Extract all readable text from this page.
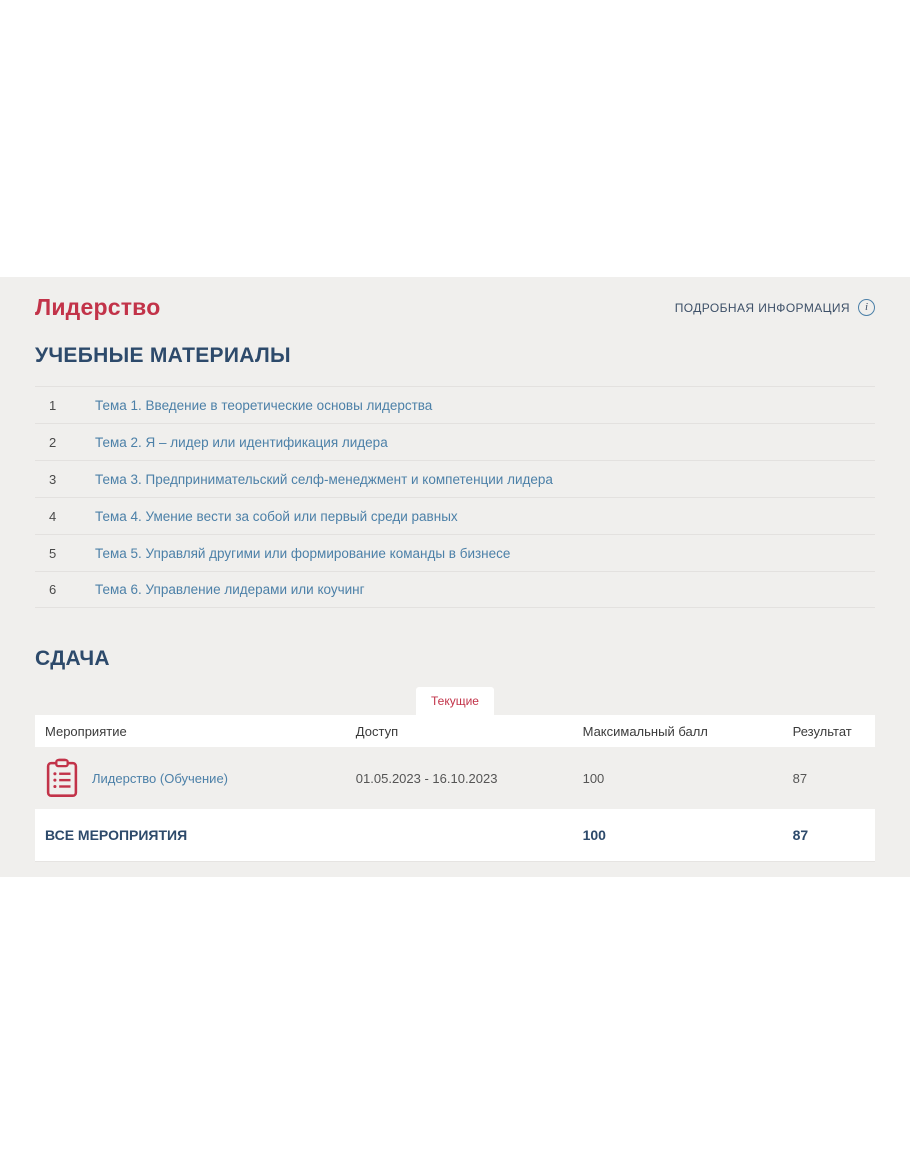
Лидерство	ПОДРОБНАЯ ИНФОРМАЦИЯ	i
УЧЕБНЫЕ МАТЕРИАЛЫ
1	Тема 1. Введение в теоретические основы лидерства
2	Тема 2. Я – лидер или идентификация лидера
3	Тема 3. Предпринимательский селф-менеджмент и компетенции лидера
4	Тема 4. Умение вести за собой или первый среди равных
5	Тема 5. Управляй другими или формирование команды в бизнесе
6	Тема 6. Управление лидерами или коучинг
СДАЧА
Текущие
Мероприятие	Доступ	Максимальный балл	Результат

Лидерство (Обучение)	01.05.2023 - 16.10.2023	100	87
ВСЕ МЕРОПРИЯТИЯ		100	87
